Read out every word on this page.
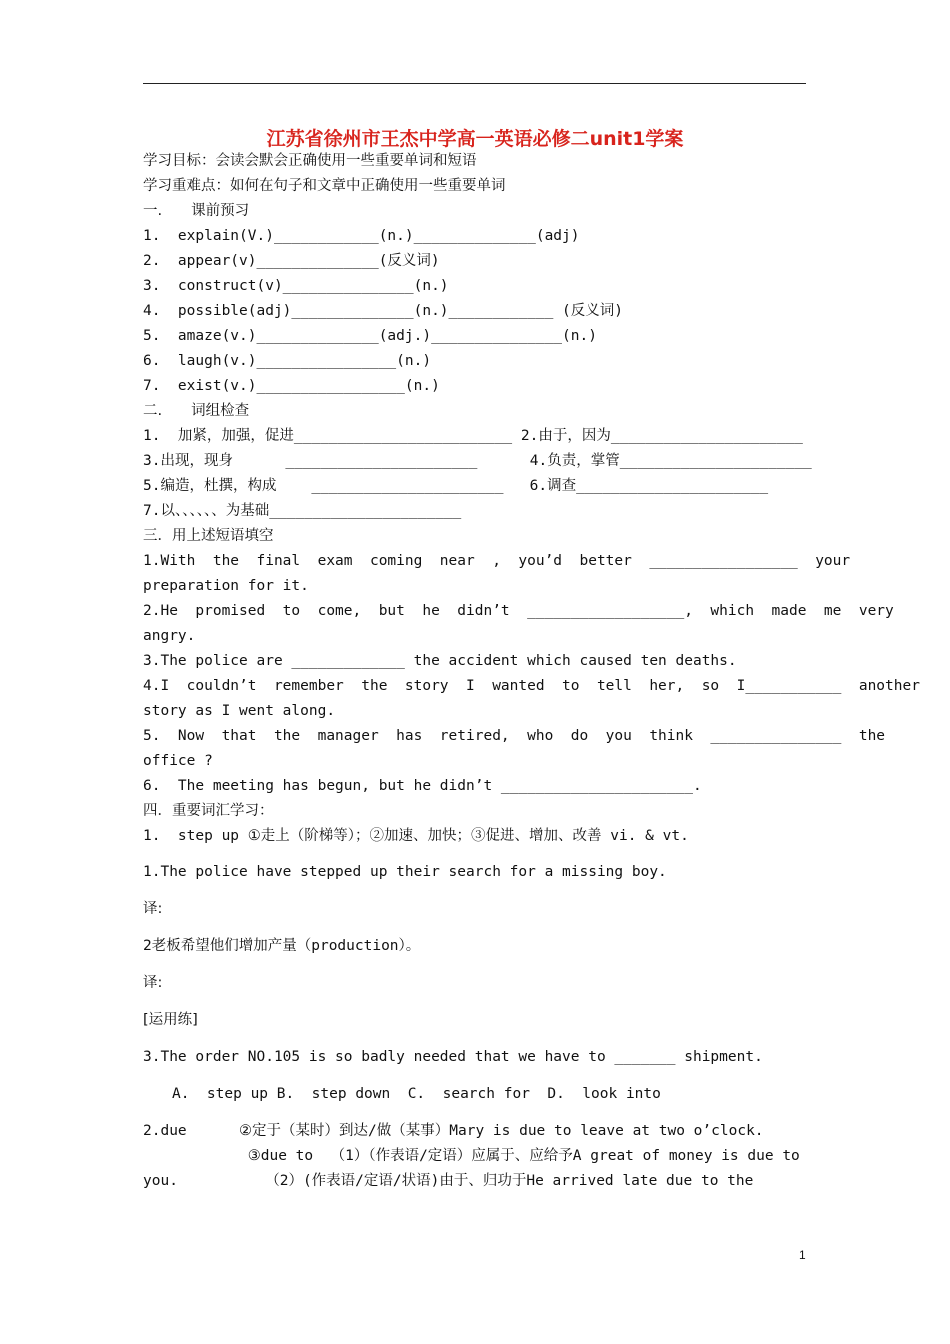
江苏省徐州市王杰中学高一英语必修二unit1学案
学习目标：会读会默会正确使用一些重要单词和短语
学习重难点：如何在句子和文章中正确使用一些重要单词
一.　　课前预习
1.  explain(V.)____________(n.)______________(adj)
2.  appear(v)______________(反义词)
3.  construct(v)_______________(n.)
4.  possible(adj)______________(n.)____________ (反义词)
5.  amaze(v.)______________(adj.)_______________(n.)
6.  laugh(v.)________________(n.)
7.  exist(v.)_________________(n.)
二.　　词组检查
1.  加紧，加强，促进_________________________ 2.由于，因为______________________
3.出现，现身      ______________________      4.负责，掌管______________________
5.编造，杜撰，构成    ______________________   6.调查______________________
7.以、、、、、、为基础______________________
三．用上述短语填空
1.With  the  final  exam  coming  near  ,  you’d  better  _________________  your
preparation for it.
2.He  promised  to  come,  but  he  didn’t  __________________,  which  made  me  very
angry.
3.The police are _____________ the accident which caused ten deaths.
4.I  couldn’t  remember  the  story  I  wanted  to  tell  her,  so  I___________  another
story as I went along.
5.  Now  that  the  manager  has  retired,  who  do  you  think  _______________  the
office ?
6.  The meeting has begun, but he didn’t ______________________.
四．重要词汇学习：
1.  step up ①走上（阶梯等）；②加速、加快；③促进、增加、改善 vi. & vt.
1.The police have stepped up their search for a missing boy.
译:
2老板希望他们增加产量（production）。
译:
[运用练]
3.The order NO.105 is so badly needed that we have to _______ shipment.
A.  step up B.  step down  C.  search for  D.  look into
2.due      ②定于（某时）到达/做（某事）Mary is due to leave at two o’clock.
③due to  （1）（作表语/定语）应属于、应给予A great of money is due to
you.          （2）(作表语/定语/状语)由于、归功于He arrived late due to the
1
